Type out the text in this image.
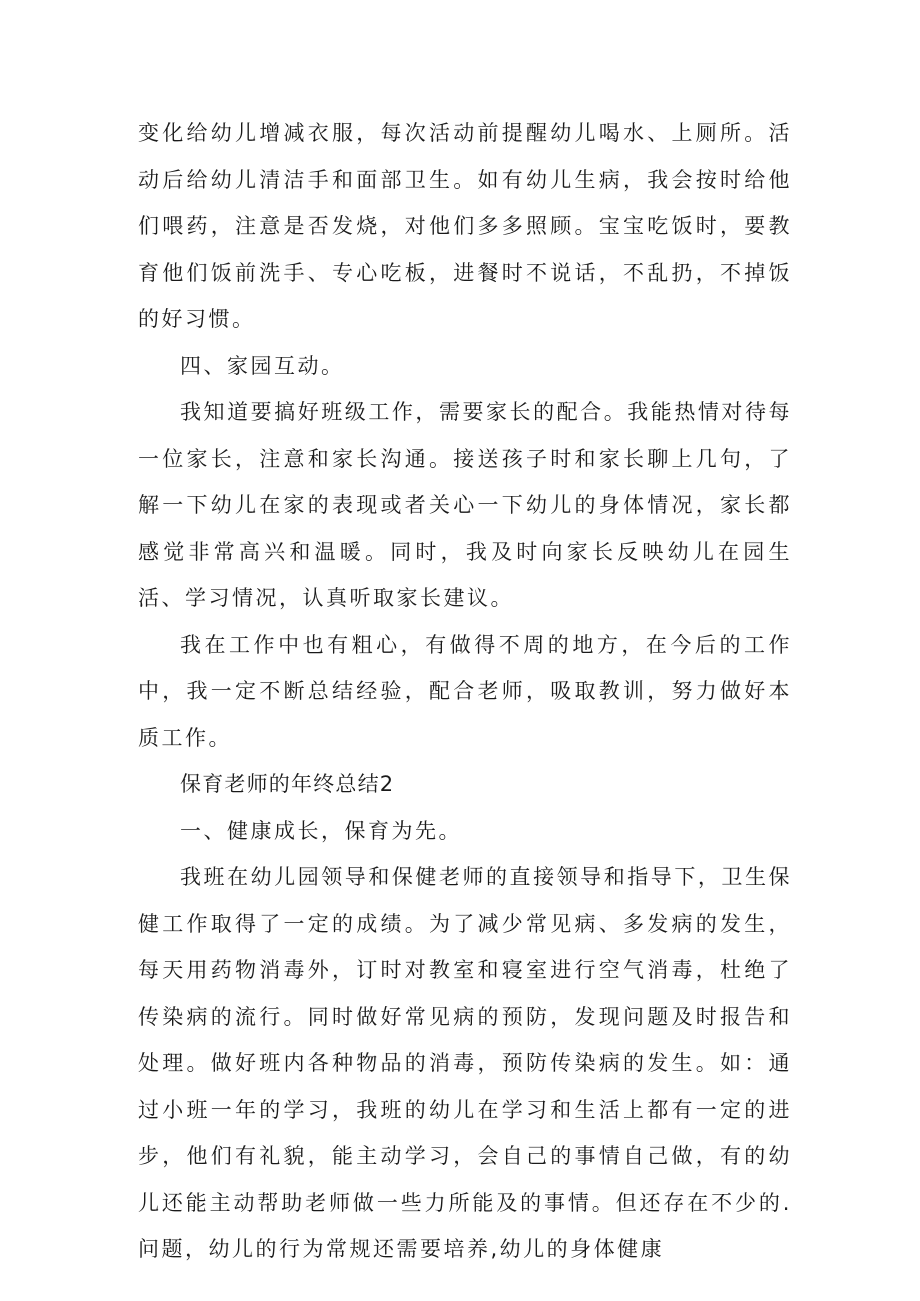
变化给幼儿增减衣服，每次活动前提醒幼儿喝水、上厕所。活动后给幼儿清洁手和面部卫生。如有幼儿生病，我会按时给他们喂药，注意是否发烧，对他们多多照顾。宝宝吃饭时，要教育他们饭前洗手、专心吃板，进餐时不说话，不乱扔，不掉饭的好习惯。

四、家园互动。

我知道要搞好班级工作，需要家长的配合。我能热情对待每一位家长，注意和家长沟通。接送孩子时和家长聊上几句，了解一下幼儿在家的表现或者关心一下幼儿的身体情况，家长都感觉非常高兴和温暖。同时，我及时向家长反映幼儿在园生活、学习情况，认真听取家长建议。

我在工作中也有粗心，有做得不周的地方，在今后的工作中，我一定不断总结经验，配合老师，吸取教训，努力做好本质工作。

保育老师的年终总结2

一、健康成长，保育为先。

我班在幼儿园领导和保健老师的直接领导和指导下，卫生保健工作取得了一定的成绩。为了减少常见病、多发病的发生，每天用药物消毒外，订时对教室和寝室进行空气消毒，杜绝了传染病的流行。同时做好常见病的预防，发现问题及时报告和处理。做好班内各种物品的消毒，预防传染病的发生。如：通过小班一年的学习，我班的幼儿在学习和生活上都有一定的进步，他们有礼貌，能主动学习，会自己的事情自己做，有的幼儿还能主动帮助老师做一些力所能及的事情。但还存在不少的.问题，幼儿的行为常规还需要培养,幼儿的身体健康
